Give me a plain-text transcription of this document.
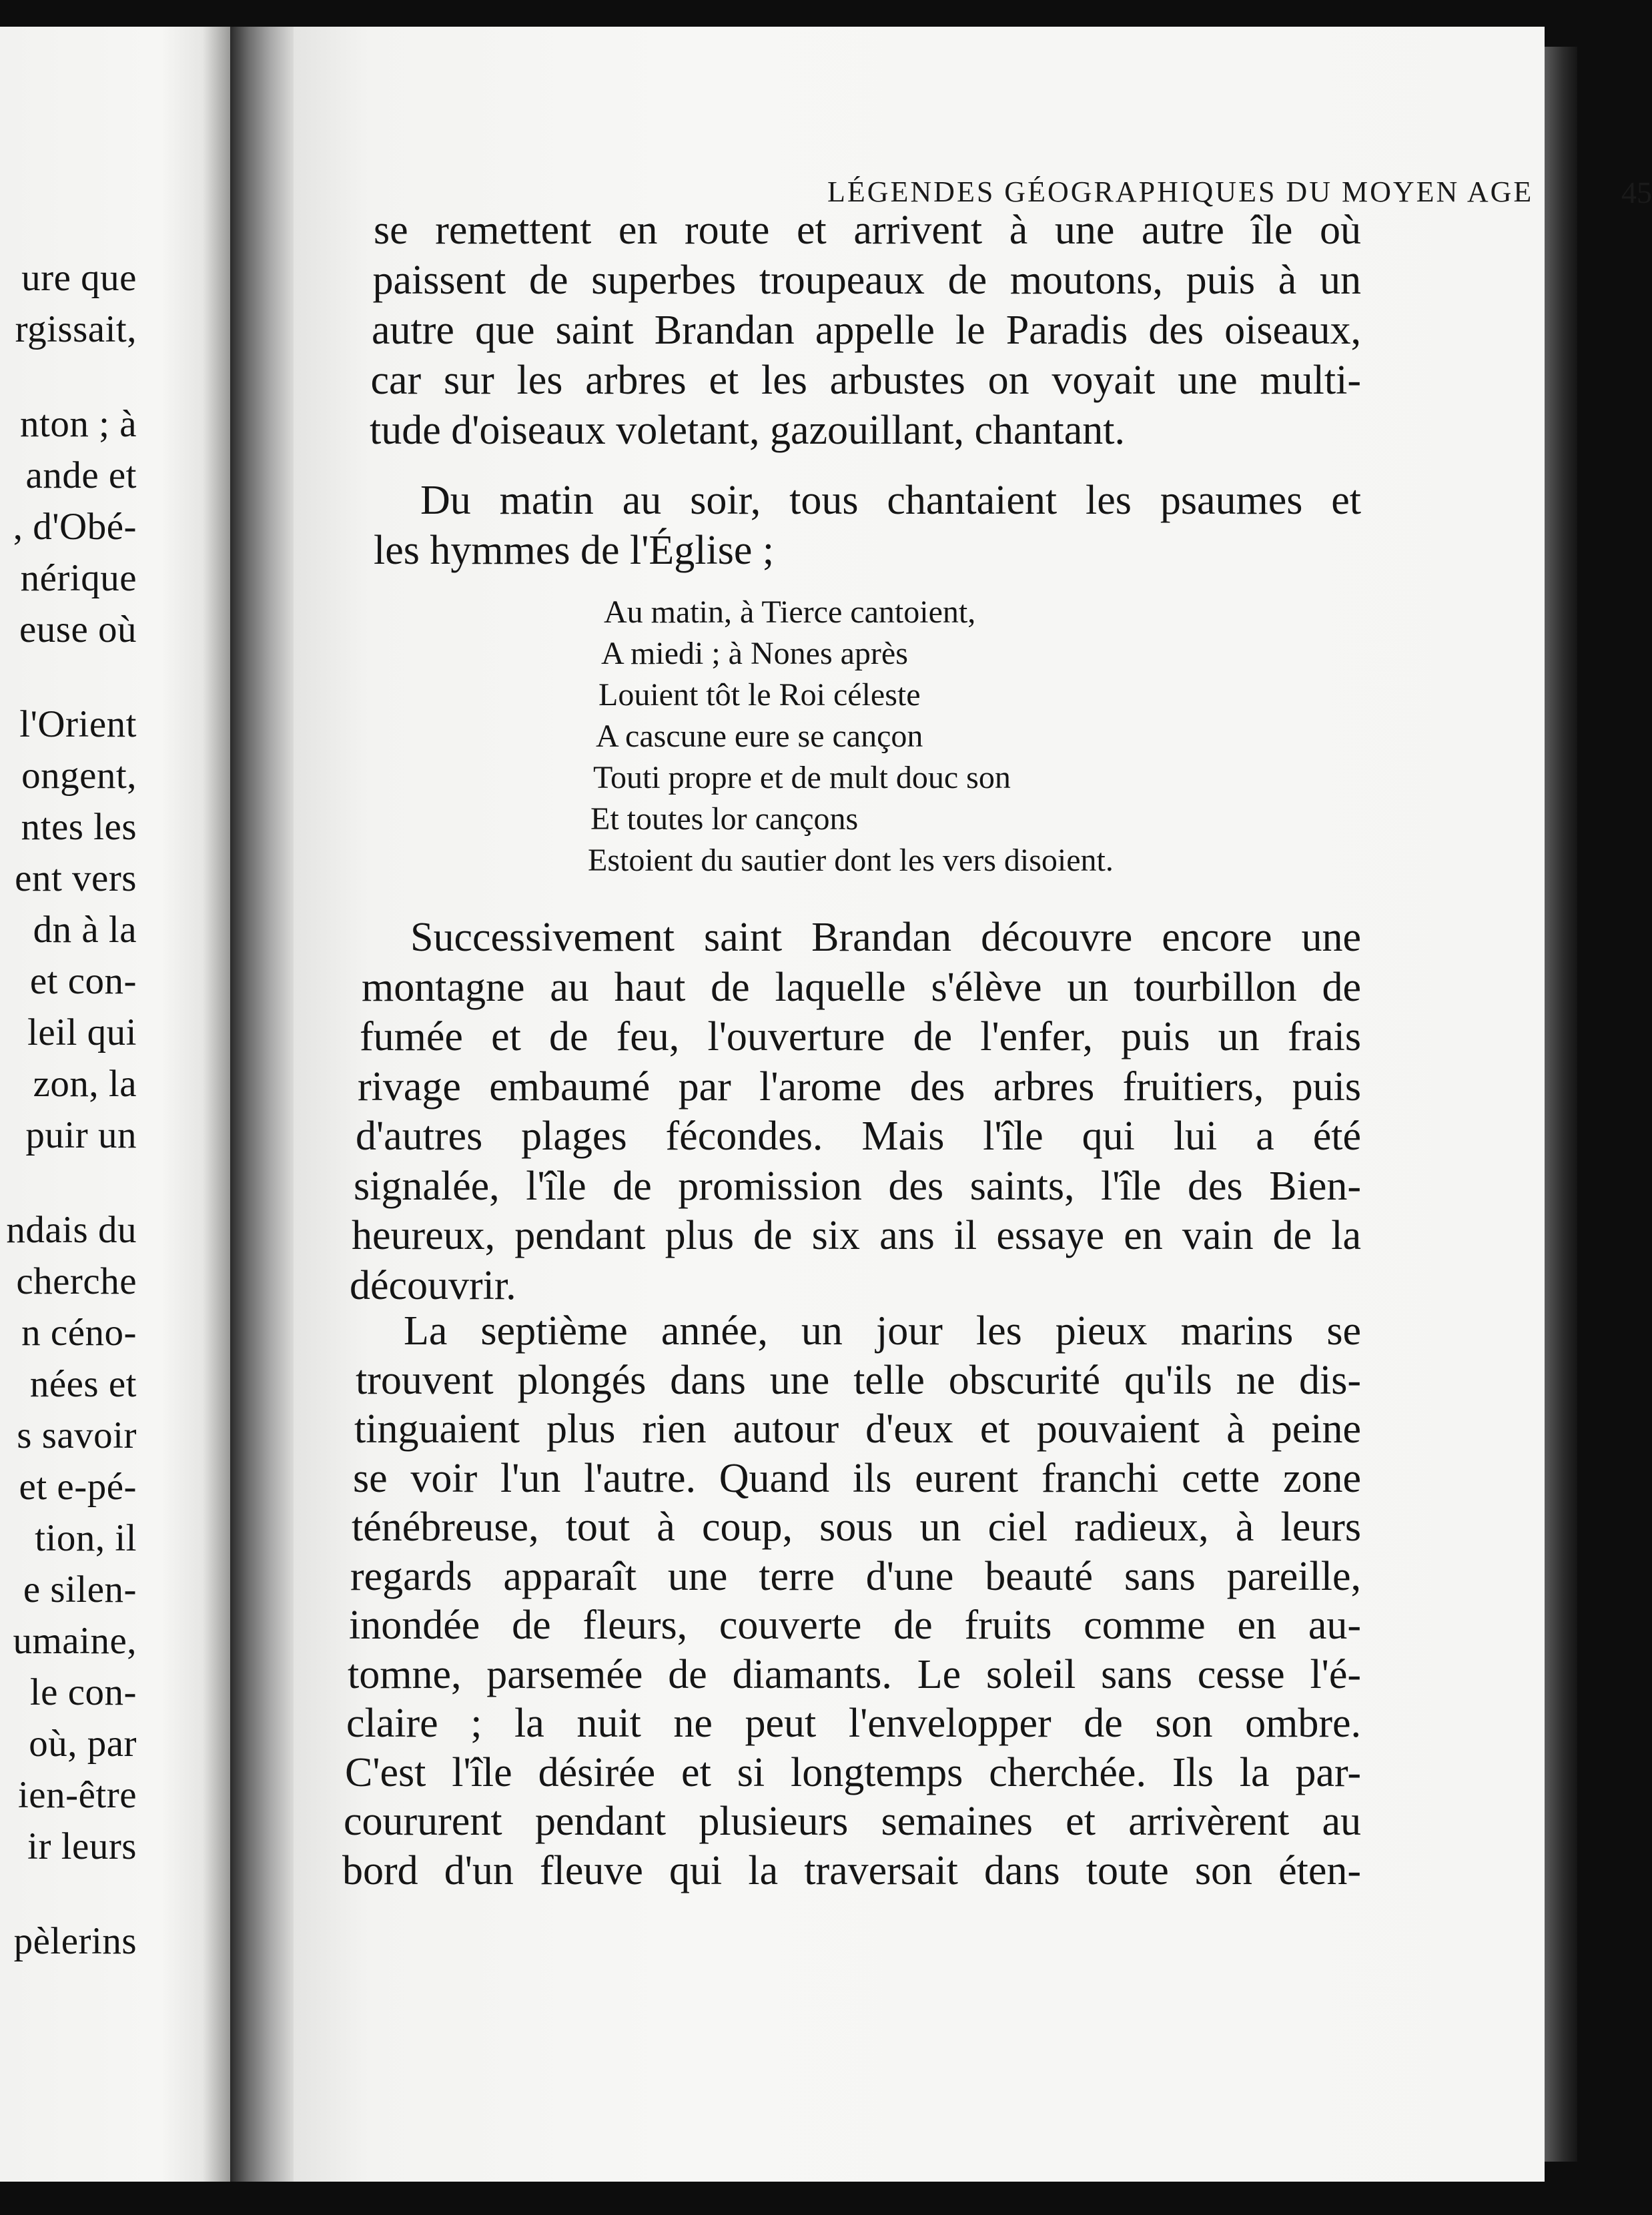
ure que
rgissait,
nton ; à
ande et
, d'Obé-
nérique
euse où
l'Orient
ongent,
ntes les
ent vers
dn à la
et con-
leil qui
zon, la
puir un
ndais du
cherche
n céno-
nées et
s savoir
et e-pé-
tion, il
e silen-
umaine,
le con-
où, par
ien-être
ir leurs
pèlerins
LÉGENDES GÉOGRAPHIQUES DU MOYEN AGE	45
se remettent en route et arrivent à une autre île où
paissent de superbes troupeaux de moutons, puis à un
autre que saint Brandan appelle le Paradis des oiseaux,
car sur les arbres et les arbustes on voyait une multi-
tude d'oiseaux voletant, gazouillant, chantant.
Du matin au soir, tous chantaient les psaumes et
les hymmes de l'Église ;
Au matin, à Tierce cantoient,
A miedi ; à Nones après
Louient tôt le Roi céleste
A cascune eure se cançon
Touti propre et de mult douc son
Et toutes lor cançons
Estoient du sautier dont les vers disoient.
Successivement saint Brandan découvre encore une
montagne au haut de laquelle s'élève un tourbillon de
fumée et de feu, l'ouverture de l'enfer, puis un frais
rivage embaumé par l'arome des arbres fruitiers, puis
d'autres plages fécondes. Mais l'île qui lui a été
signalée, l'île de promission des saints, l'île des Bien-
heureux, pendant plus de six ans il essaye en vain de la
découvrir.
La septième année, un jour les pieux marins se
trouvent plongés dans une telle obscurité qu'ils ne dis-
tinguaient plus rien autour d'eux et pouvaient à peine
se voir l'un l'autre. Quand ils eurent franchi cette zone
ténébreuse, tout à coup, sous un ciel radieux, à leurs
regards apparaît une terre d'une beauté sans pareille,
inondée de fleurs, couverte de fruits comme en au-
tomne, parsemée de diamants. Le soleil sans cesse l'é-
claire ; la nuit ne peut l'envelopper de son ombre.
C'est l'île désirée et si longtemps cherchée. Ils la par-
coururent pendant plusieurs semaines et arrivèrent au
bord d'un fleuve qui la traversait dans toute son éten-
